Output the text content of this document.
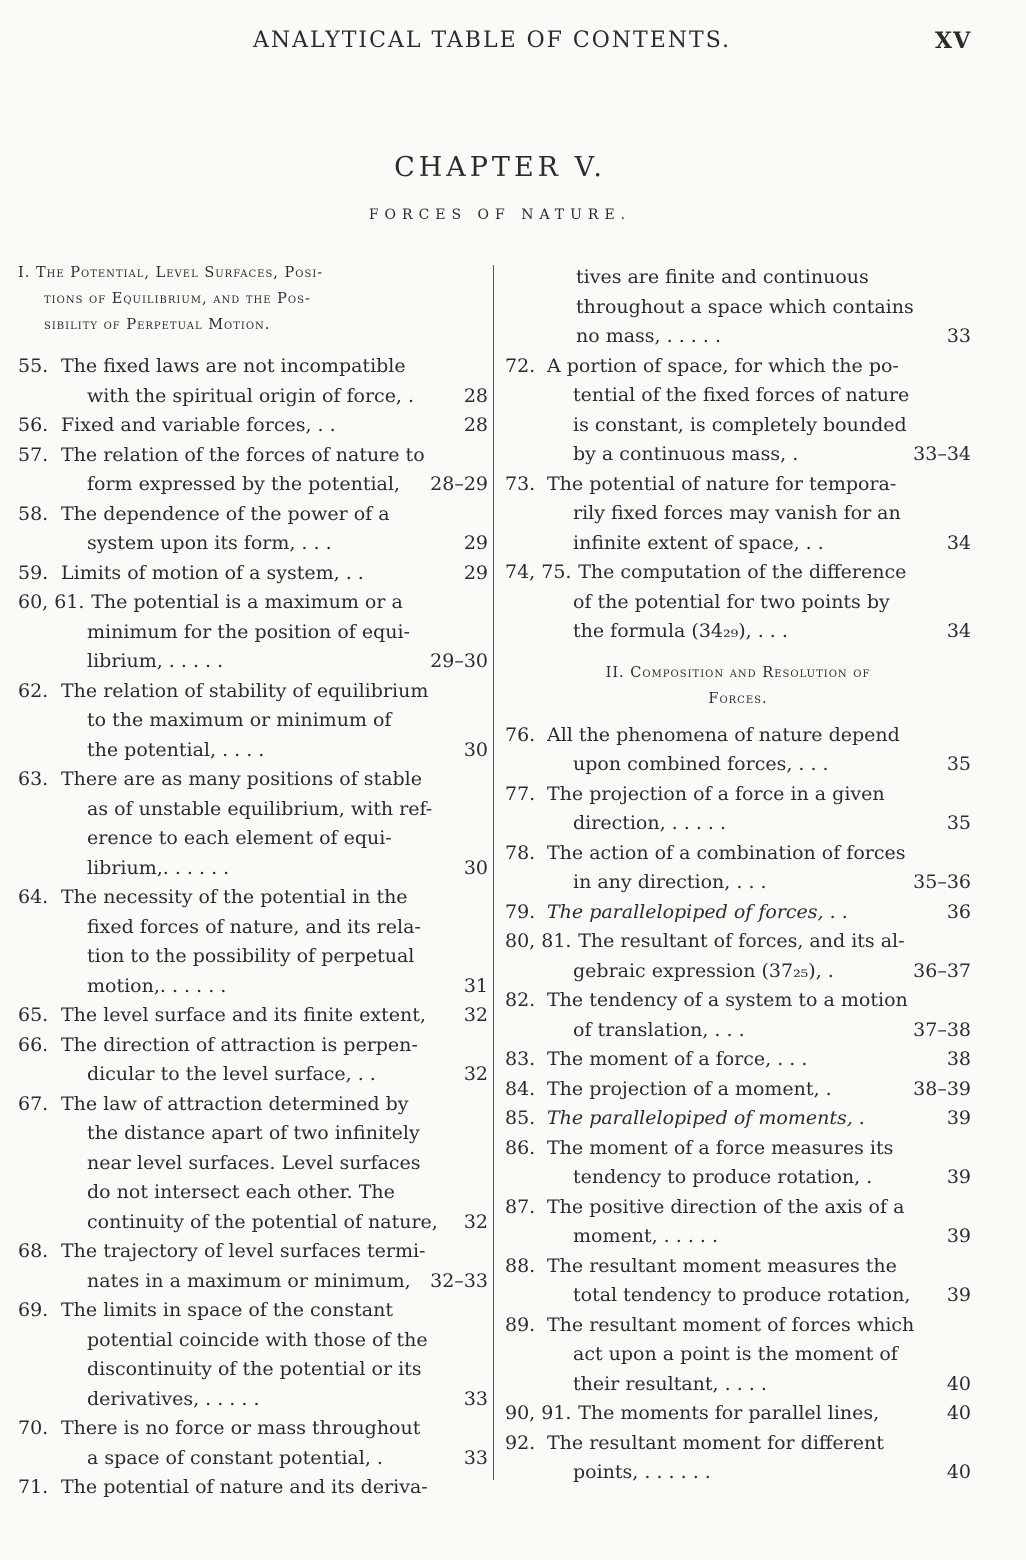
ANALYTICAL TABLE OF CONTENTS.	XV
CHAPTER V.
FORCES OF NATURE.
I. The Potential, Level Surfaces, Posi-
tions of Equilibrium, and the Pos-
sibility of Perpetual Motion.
55. The fixed laws are not incompatible
with the spiritual origin of force, .	28
56. Fixed and variable forces, . .	28
57. The relation of the forces of nature to
form expressed by the potential,	28–29
58. The dependence of the power of a
system upon its form, . . .	29
59. Limits of motion of a system, . .	29
60, 61. The potential is a maximum or a
minimum for the position of equi-
librium, . . . . .	29–30
62. The relation of stability of equilibrium
to the maximum or minimum of
the potential, . . . .	30
63. There are as many positions of stable
as of unstable equilibrium, with ref-
erence to each element of equi-
librium,. . . . . .	30
64. The necessity of the potential in the
fixed forces of nature, and its rela-
tion to the possibility of perpetual
motion,. . . . . .	31
65. The level surface and its finite extent,	32
66. The direction of attraction is perpen-
dicular to the level surface, . .	32
67. The law of attraction determined by
the distance apart of two infinitely
near level surfaces. Level surfaces
do not intersect each other. The
continuity of the potential of nature,	32
68. The trajectory of level surfaces termi-
nates in a maximum or minimum,	32–33
69. The limits in space of the constant
potential coincide with those of the
discontinuity of the potential or its
derivatives, . . . . .	33
70. There is no force or mass throughout
a space of constant potential, .	33
71. The potential of nature and its deriva-
tives are finite and continuous
throughout a space which contains
no mass, . . . . .	33
72. A portion of space, for which the po-
tential of the fixed forces of nature
is constant, is completely bounded
by a continuous mass, .	33–34
73. The potential of nature for tempora-
rily fixed forces may vanish for an
infinite extent of space, . .	34
74, 75. The computation of the difference
of the potential for two points by
the formula (34₂₉), . . .	34
II. Composition and Resolution of
Forces.
76. All the phenomena of nature depend
upon combined forces, . . .	35
77. The projection of a force in a given
direction, . . . . .	35
78. The action of a combination of forces
in any direction, . . .	35–36
79. The parallelopiped of forces, . .	36
80, 81. The resultant of forces, and its al-
gebraic expression (37₂₅), .	36–37
82. The tendency of a system to a motion
of translation, . . .	37–38
83. The moment of a force, . . .	38
84. The projection of a moment, .	38–39
85. The parallelopiped of moments, .	39
86. The moment of a force measures its
tendency to produce rotation, .	39
87. The positive direction of the axis of a
moment, . . . . .	39
88. The resultant moment measures the
total tendency to produce rotation,	39
89. The resultant moment of forces which
act upon a point is the moment of
their resultant, . . . .	40
90, 91. The moments for parallel lines,	40
92. The resultant moment for different
points, . . . . . .	40
